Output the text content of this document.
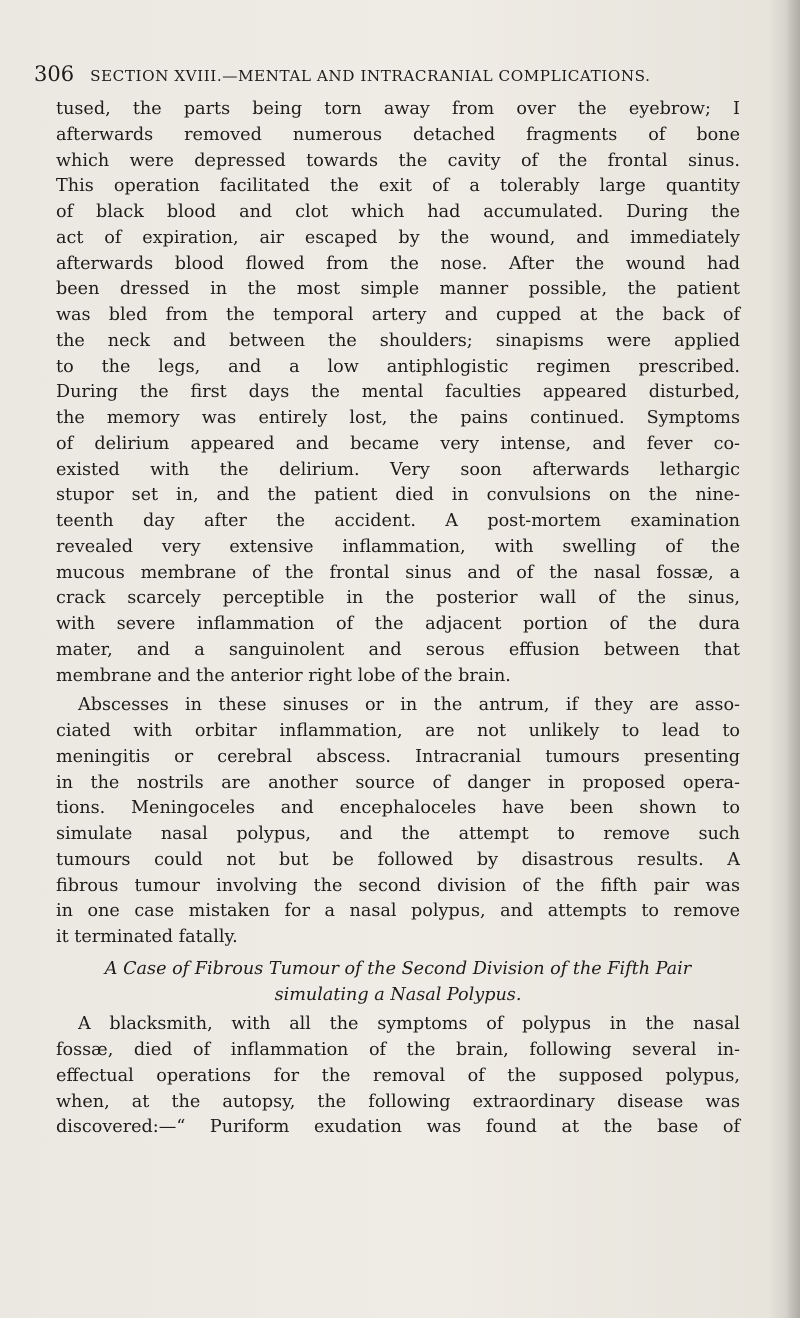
306 SECTION XVIII.—MENTAL AND INTRACRANIAL COMPLICATIONS.
tused, the parts being torn away from over the eyebrow; I
afterwards removed numerous detached fragments of bone
which were depressed towards the cavity of the frontal sinus.
This operation facilitated the exit of a tolerably large quantity
of black blood and clot which had accumulated. During the
act of expiration, air escaped by the wound, and immediately
afterwards blood flowed from the nose. After the wound had
been dressed in the most simple manner possible, the patient
was bled from the temporal artery and cupped at the back of
the neck and between the shoulders; sinapisms were applied
to the legs, and a low antiphlogistic regimen prescribed.
During the first days the mental faculties appeared disturbed,
the memory was entirely lost, the pains continued. Symptoms
of delirium appeared and became very intense, and fever co-
existed with the delirium. Very soon afterwards lethargic
stupor set in, and the patient died in convulsions on the nine-
teenth day after the accident. A post-mortem examination
revealed very extensive inflammation, with swelling of the
mucous membrane of the frontal sinus and of the nasal fossæ, a
crack scarcely perceptible in the posterior wall of the sinus,
with severe inflammation of the adjacent portion of the dura
mater, and a sanguinolent and serous effusion between that
membrane and the anterior right lobe of the brain.
Abscesses in these sinuses or in the antrum, if they are asso-
ciated with orbitar inflammation, are not unlikely to lead to
meningitis or cerebral abscess. Intracranial tumours presenting
in the nostrils are another source of danger in proposed opera-
tions. Meningoceles and encephaloceles have been shown to
simulate nasal polypus, and the attempt to remove such
tumours could not but be followed by disastrous results. A
fibrous tumour involving the second division of the fifth pair was
in one case mistaken for a nasal polypus, and attempts to remove
it terminated fatally.
A Case of Fibrous Tumour of the Second Division of the Fifth Pair
simulating a Nasal Polypus.
A blacksmith, with all the symptoms of polypus in the nasal
fossæ, died of inflammation of the brain, following several in-
effectual operations for the removal of the supposed polypus,
when, at the autopsy, the following extraordinary disease was
discovered:—“ Puriform exudation was found at the base of
